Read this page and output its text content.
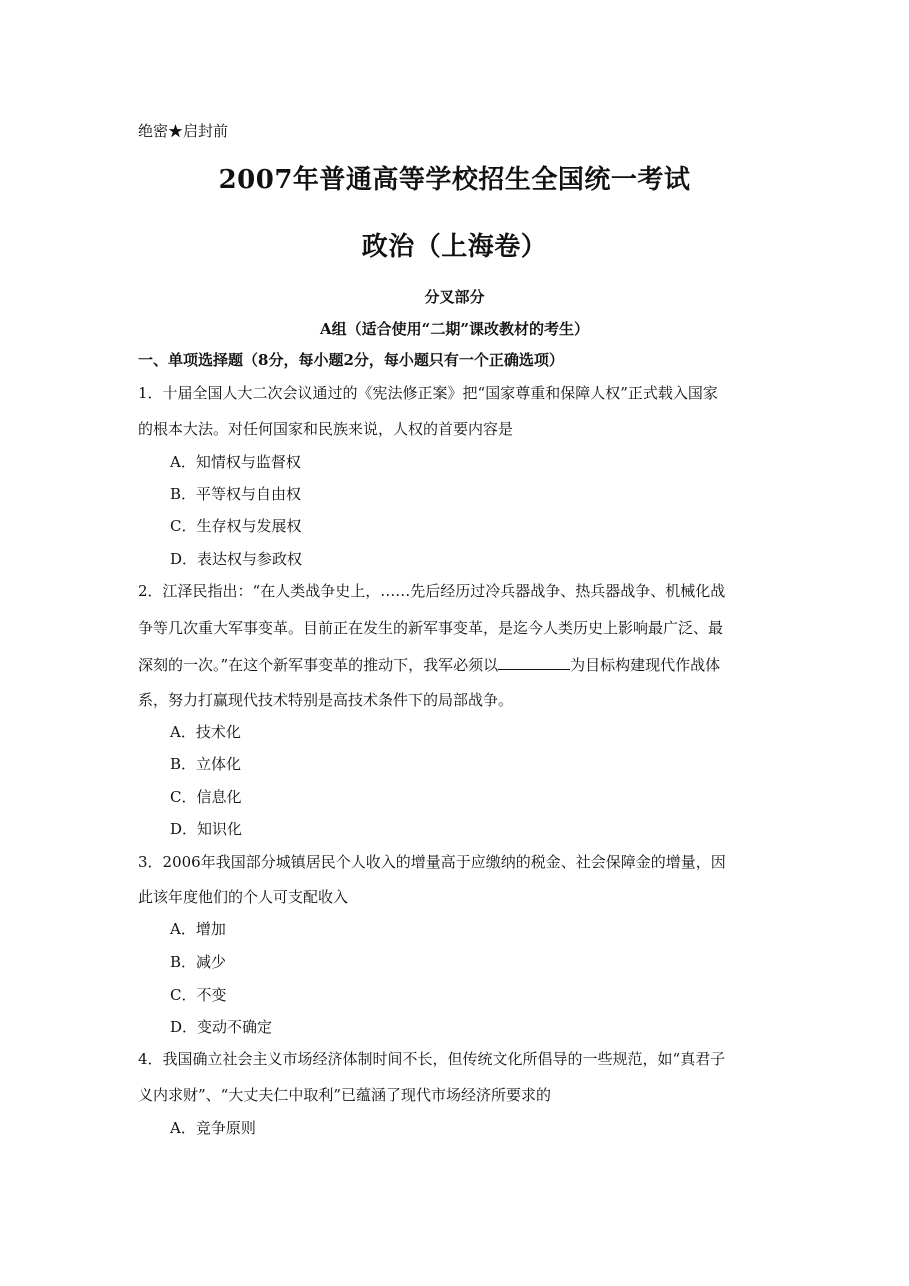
绝密★启封前
2007年普通高等学校招生全国统一考试
政治（上海卷）
分叉部分
A组（适合使用“二期”课改教材的考生）
一、单项选择题（8分，每小题2分，每小题只有一个正确选项）
1．十届全国人大二次会议通过的《宪法修正案》把“国家尊重和保障人权”正式载入国家
的根本大法。对任何国家和民族来说，人权的首要内容是
A．知情权与监督权
B．平等权与自由权
C．生存权与发展权
D．表达权与参政权
2．江泽民指出：“在人类战争史上，……先后经历过冷兵器战争、热兵器战争、机械化战
争等几次重大军事变革。目前正在发生的新军事变革，是迄今人类历史上影响最广泛、最
深刻的一次。”在这个新军事变革的推动下，我军必须以	为目标构建现代作战体
系，努力打赢现代技术特别是高技术条件下的局部战争。
A．技术化
B．立体化
C．信息化
D．知识化
3．2006年我国部分城镇居民个人收入的增量高于应缴纳的税金、社会保障金的增量，因
此该年度他们的个人可支配收入
A．增加
B．减少
C．不变
D．变动不确定
4．我国确立社会主义市场经济体制时间不长，但传统文化所倡导的一些规范，如“真君子
义内求财”、“大丈夫仁中取利”已蕴涵了现代市场经济所要求的
A．竞争原则
